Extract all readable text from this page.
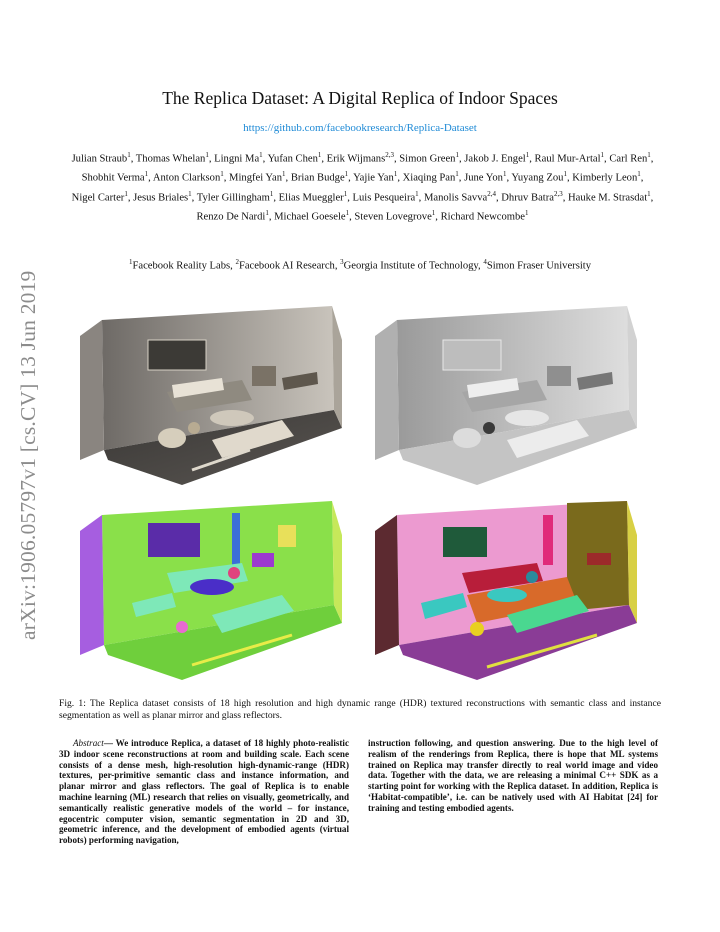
arXiv:1906.05797v1 [cs.CV] 13 Jun 2019
The Replica Dataset: A Digital Replica of Indoor Spaces
https://github.com/facebookresearch/Replica-Dataset
Julian Straub$^1$, Thomas Whelan$^1$, Lingni Ma$^1$, Yufan Chen$^1$, Erik Wijmans$^{2,3}$, Simon Green$^1$, Jakob J. Engel$^1$, Raul Mur-Artal$^1$, Carl Ren$^1$, Shobhit Verma$^1$, Anton Clarkson$^1$, Mingfei Yan$^1$, Brian Budge$^1$, Yajie Yan$^1$, Xiaqing Pan$^1$, June Yon$^1$, Yuyang Zou$^1$, Kimberly Leon$^1$, Nigel Carter$^1$, Jesus Briales$^1$, Tyler Gillingham$^1$, Elias Mueggler$^1$, Luis Pesqueira$^1$, Manolis Savva$^{2,4}$, Dhruv Batra$^{2,3}$, Hauke M. Strasdat$^1$, Renzo De Nardi$^1$, Michael Goesele$^1$, Steven Lovegrove$^1$, Richard Newcombe$^1$
$^1$Facebook Reality Labs, $^2$Facebook AI Research, $^3$Georgia Institute of Technology, $^4$Simon Fraser University
Fig. 1: The Replica dataset consists of 18 high resolution and high dynamic range (HDR) textured reconstructions with semantic class and instance segmentation as well as planar mirror and glass reflectors.
Abstract— We introduce Replica, a dataset of 18 highly photo-realistic 3D indoor scene reconstructions at room and building scale. Each scene consists of a dense mesh, high-resolution high-dynamic-range (HDR) textures, per-primitive semantic class and instance information, and planar mirror and glass reflectors. The goal of Replica is to enable machine learning (ML) research that relies on visually, geometrically, and semantically realistic generative models of the world – for instance, egocentric computer vision, semantic segmentation in 2D and 3D, geometric inference, and the development of embodied agents (virtual robots) performing navigation,
instruction following, and question answering. Due to the high level of realism of the renderings from Replica, there is hope that ML systems trained on Replica may transfer directly to real world image and video data. Together with the data, we are releasing a minimal C++ SDK as a starting point for working with the Replica dataset. In addition, Replica is ‘Habitat-compatible’, i.e. can be natively used with AI Habitat [24] for training and testing embodied agents.
